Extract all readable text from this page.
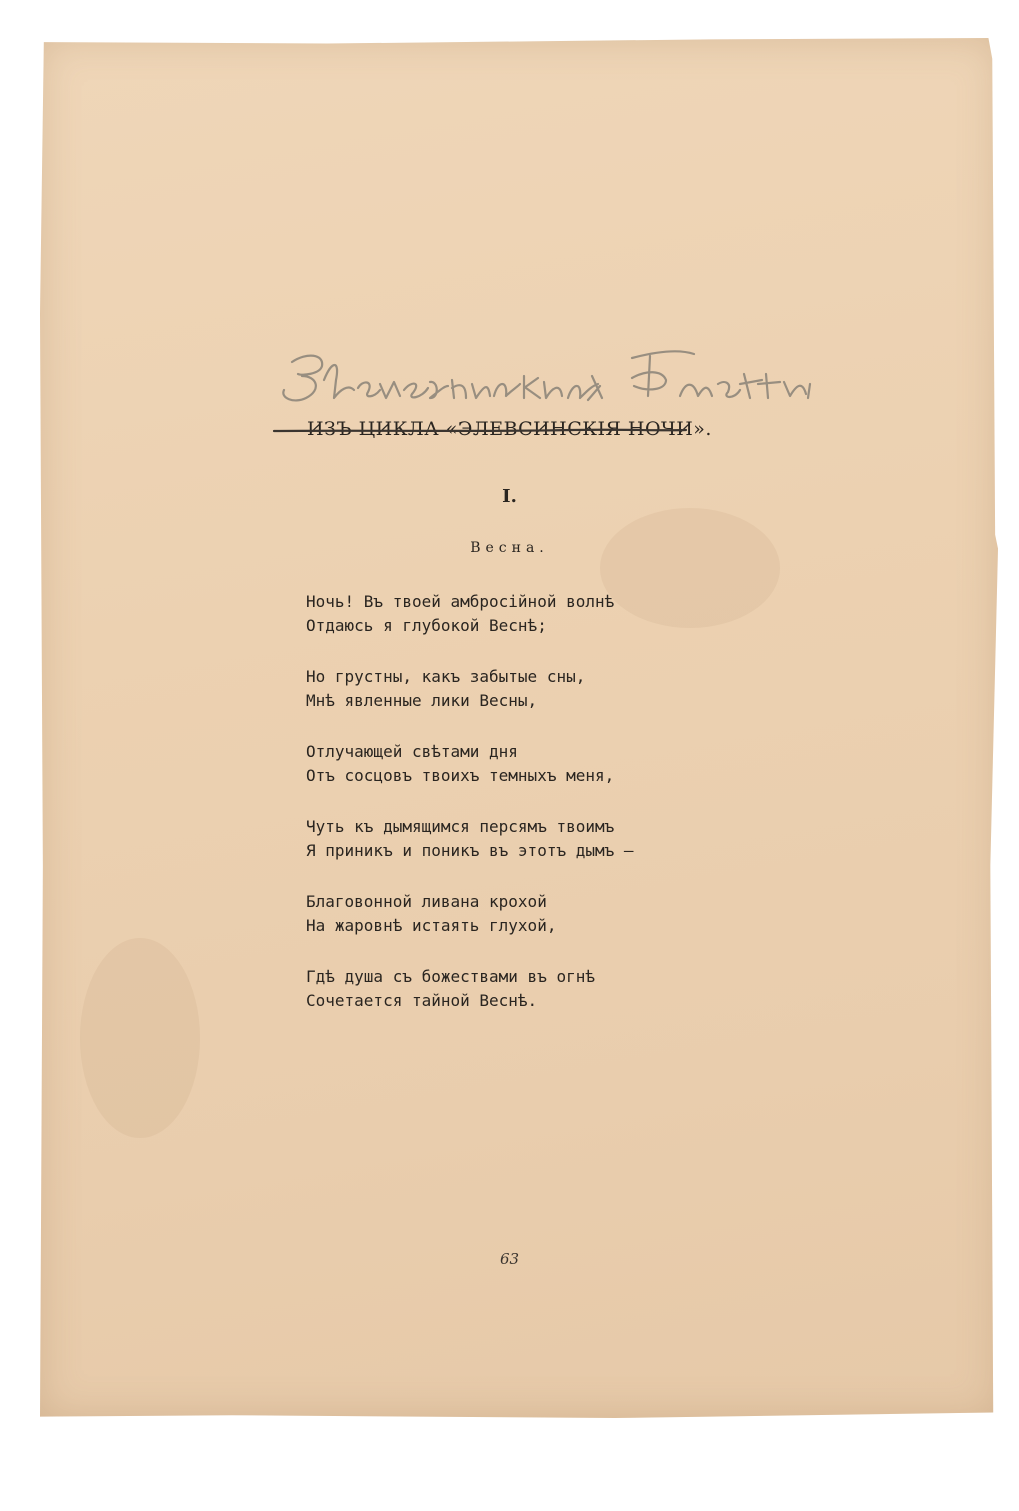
Элевсинскія Флейты
ИЗЪ ЦИКЛА «ЭЛЕВСИНСКІЯ НОЧИ».
I.
Весна.
Ночь! Въ твоей амбросійной волнѣ
Отдаюсь я глубокой Веснѣ;
Но грустны, какъ забытые сны,
Мнѣ явленные лики Весны,
Отлучающей свѣтами дня
Отъ сосцовъ твоихъ темныхъ меня,
Чуть къ дымящимся персямъ твоимъ
Я приникъ и поникъ въ этотъ дымъ —
Благовонной ливана крохой
На жаровнѣ истаять глухой,
Гдѣ душа съ божествами въ огнѣ
Сочетается тайной Веснѣ.
63
